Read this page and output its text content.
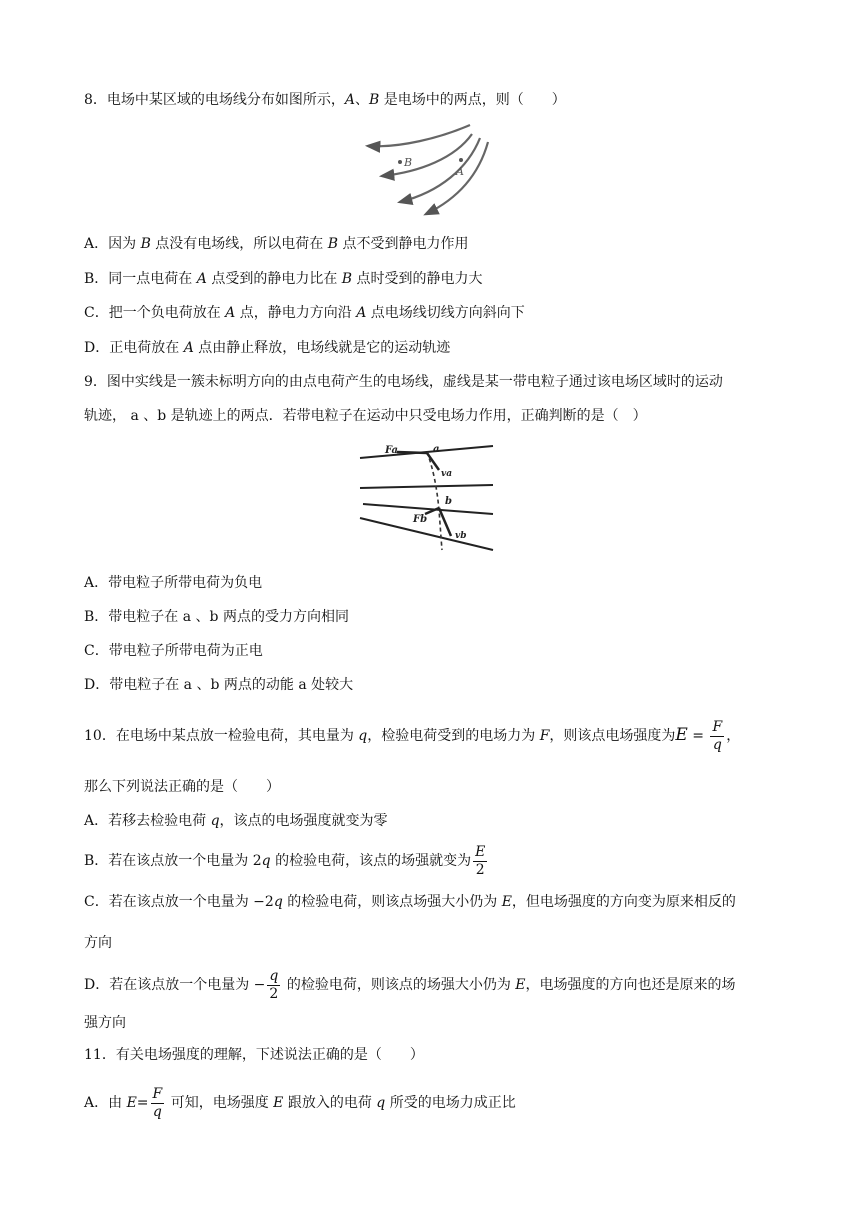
8．电场中某区域的电场线分布如图所示，A、B 是电场中的两点，则（　　）
B
A
A．因为 B 点没有电场线，所以电荷在 B 点不受到静电力作用
B．同一点电荷在 A 点受到的静电力比在 B 点时受到的静电力大
C．把一个负电荷放在 A 点，静电力方向沿 A 点电场线切线方向斜向下
D．正电荷放在 A 点由静止释放，电场线就是它的运动轨迹
9．图中实线是一簇未标明方向的由点电荷产生的电场线，虚线是某一带电粒子通过该电场区域时的运动
轨迹， a 、b 是轨迹上的两点．若带电粒子在运动中只受电场力作用，正确判断的是（　）
Fa	a
va
b
Fb
vb
A．带电粒子所带电荷为负电
B．带电粒子在 a 、b 两点的受力方向相同
C．带电粒子所带电荷为正电
D．带电粒子在 a 、b 两点的动能 a 处较大
10．在电场中某点放一检验电荷，其电量为 q，检验电荷受到的电场力为 F，则该点电场强度为$E = \frac{F}{q}$ ，
那么下列说法正确的是（　　）
A．若移去检验电荷 q，该点的电场强度就变为零
B．若在该点放一个电量为 2q 的检验电荷，该点的场强就变为 $\frac{E}{2}$
C．若在该点放一个电量为 −2q 的检验电荷，则该点场强大小仍为 E，但电场强度的方向变为原来相反的
方向
D．若在该点放一个电量为 − $\frac{q}{2}$ 的检验电荷，则该点的场强大小仍为 E，电场强度的方向也还是原来的场
强方向
11．有关电场强度的理解，下述说法正确的是（　　）
A．由 $E= \frac{F}{q}$ 可知，电场强度 E 跟放入的电荷 q 所受的电场力成正比
